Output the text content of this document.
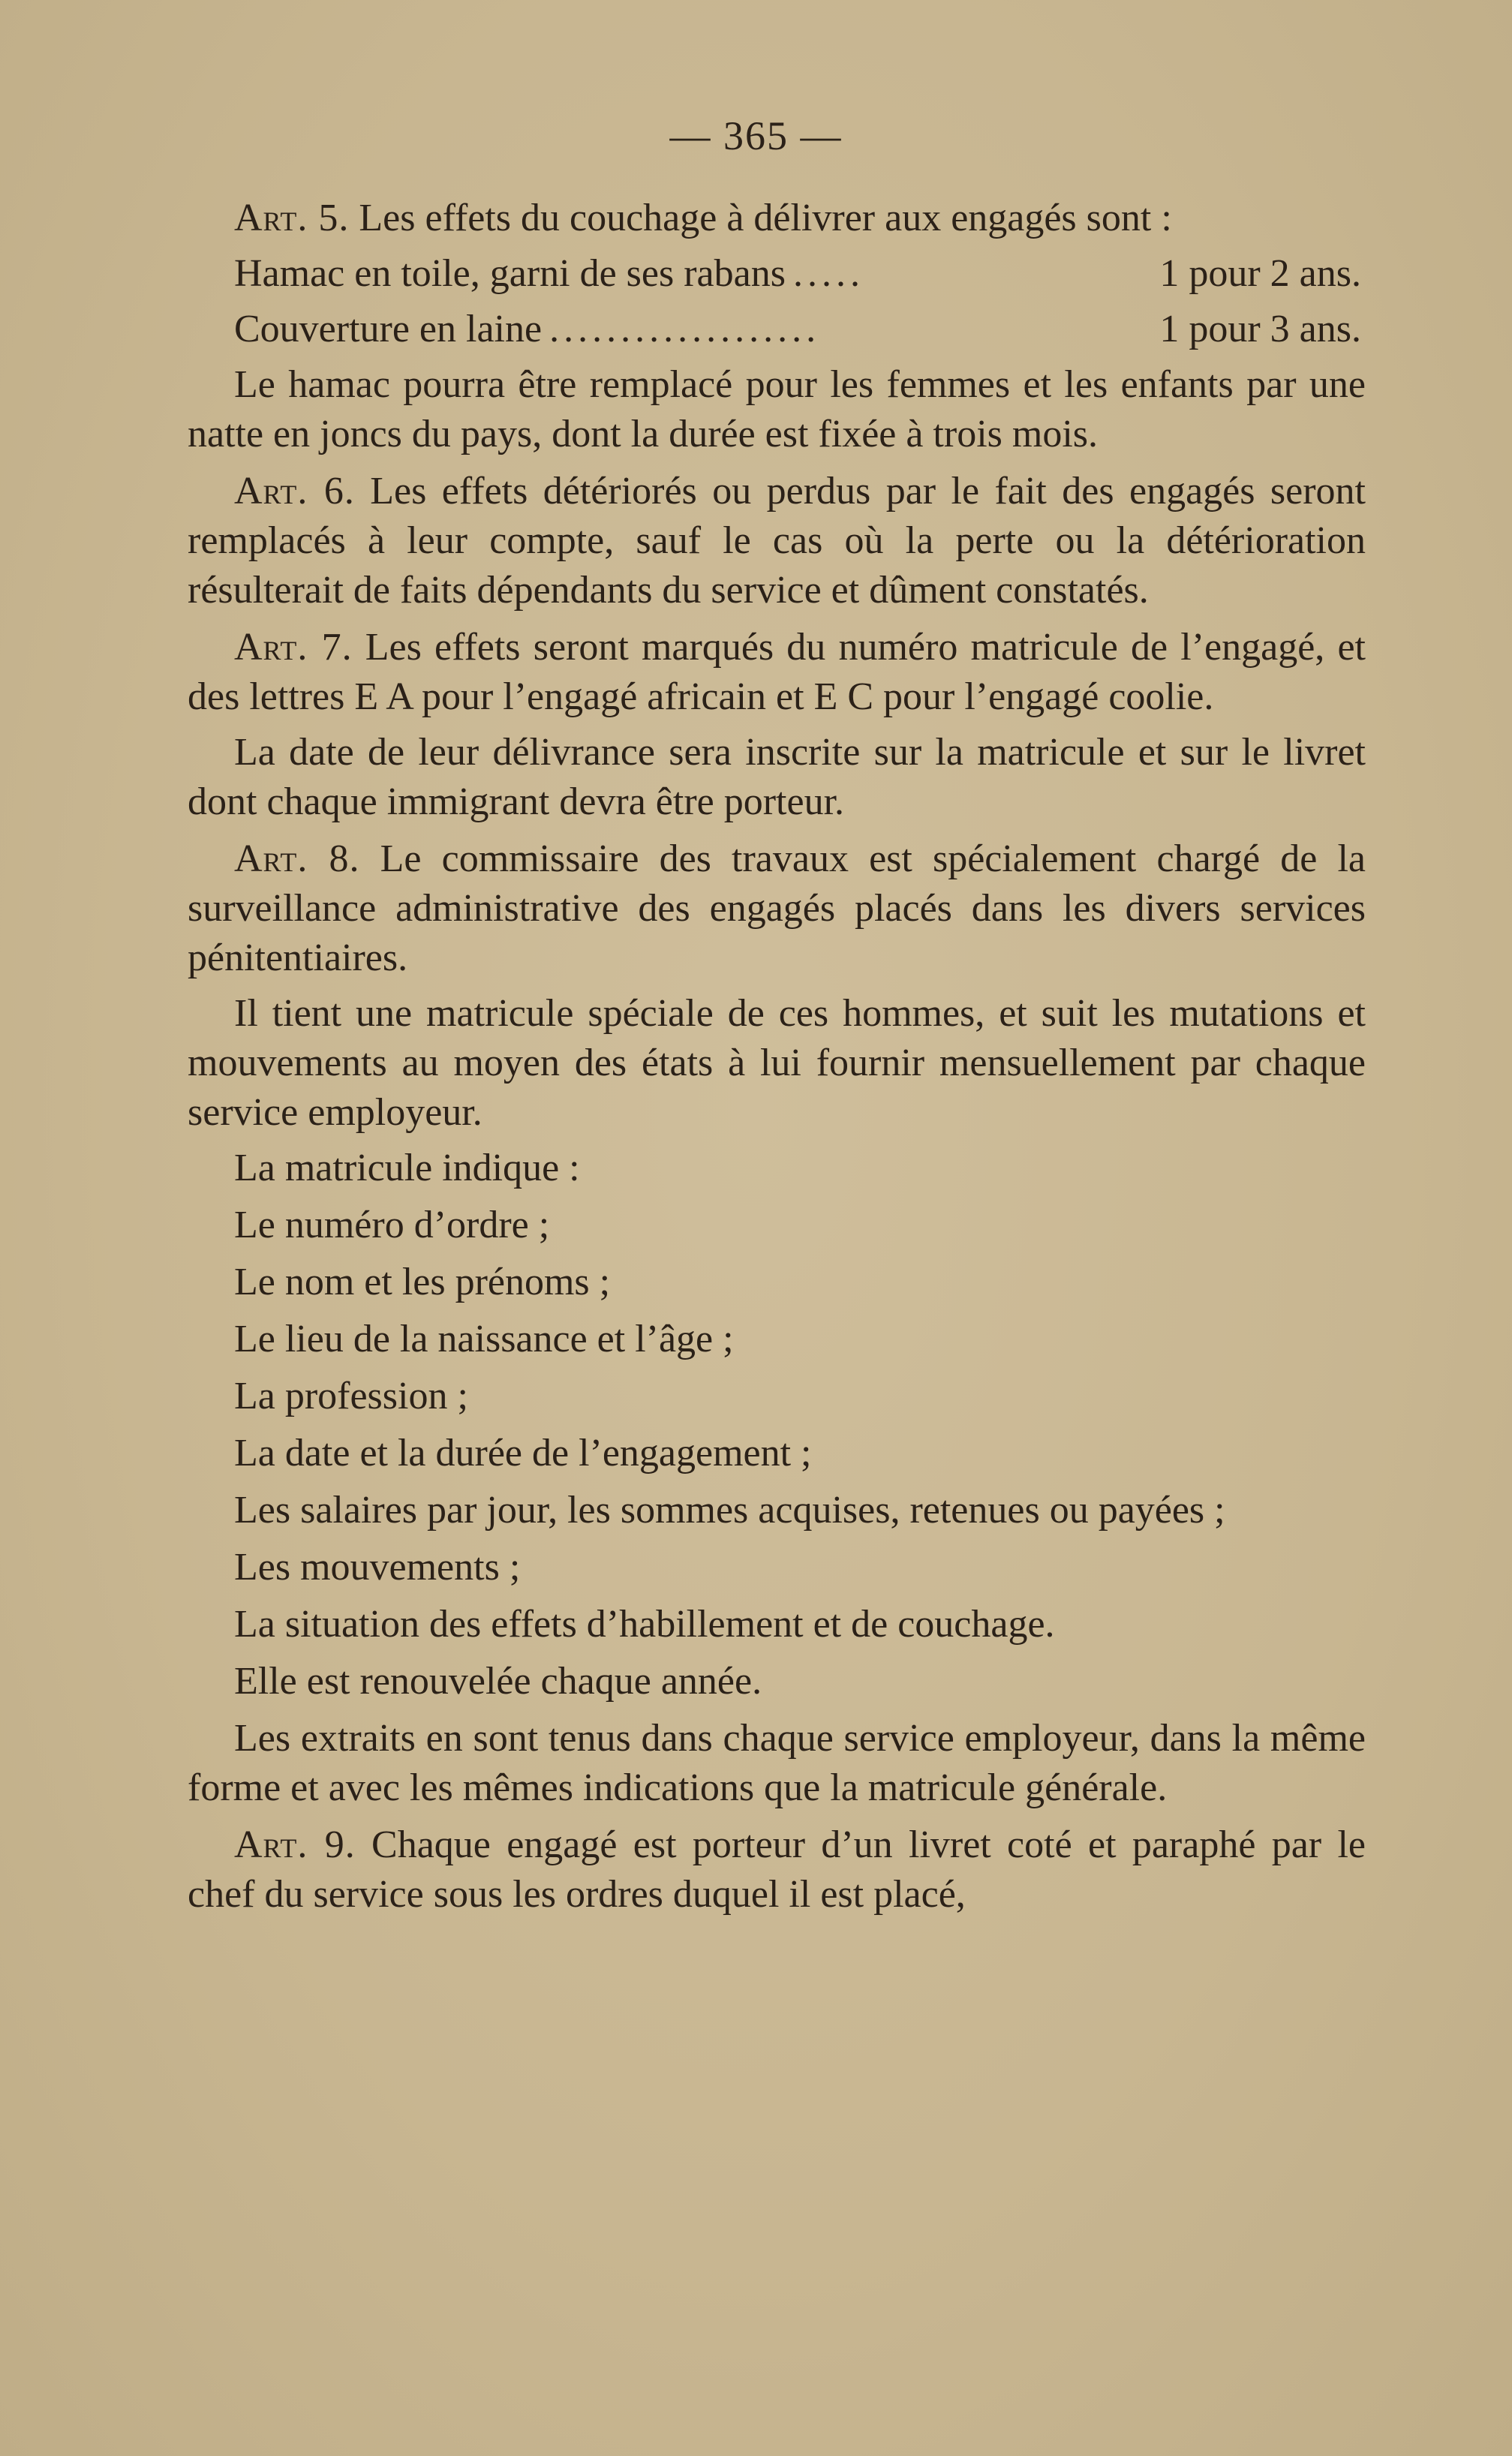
— 365 —

Art. 5. Les effets du couchage à délivrer aux engagés sont :

Hamac en toile, garni de ses rabans .....	1 pour 2 ans.
Couverture en laine ...................	1 pour 3 ans.

Le hamac pourra être remplacé pour les femmes et les enfants par une natte en joncs du pays, dont la durée est fixée à trois mois.

Art. 6. Les effets détériorés ou perdus par le fait des engagés seront remplacés à leur compte, sauf le cas où la perte ou la détérioration résulterait de faits dépendants du service et dûment constatés.

Art. 7. Les effets seront marqués du numéro matricule de l’engagé, et des lettres E A pour l’engagé africain et E C pour l’engagé coolie.

La date de leur délivrance sera inscrite sur la matricule et sur le livret dont chaque immigrant devra être porteur.

Art. 8. Le commissaire des travaux est spécialement chargé de la surveillance administrative des engagés placés dans les divers services pénitentiaires.

Il tient une matricule spéciale de ces hommes, et suit les mutations et mouvements au moyen des états à lui fournir mensuellement par chaque service employeur.

La matricule indique :
Le numéro d’ordre ;
Le nom et les prénoms ;
Le lieu de la naissance et l’âge ;
La profession ;
La date et la durée de l’engagement ;
Les salaires par jour, les sommes acquises, retenues ou payées ;
Les mouvements ;
La situation des effets d’habillement et de couchage.
Elle est renouvelée chaque année.

Les extraits en sont tenus dans chaque service employeur, dans la même forme et avec les mêmes indications que la matricule générale.

Art. 9. Chaque engagé est porteur d’un livret coté et paraphé par le chef du service sous les ordres duquel il est placé,
